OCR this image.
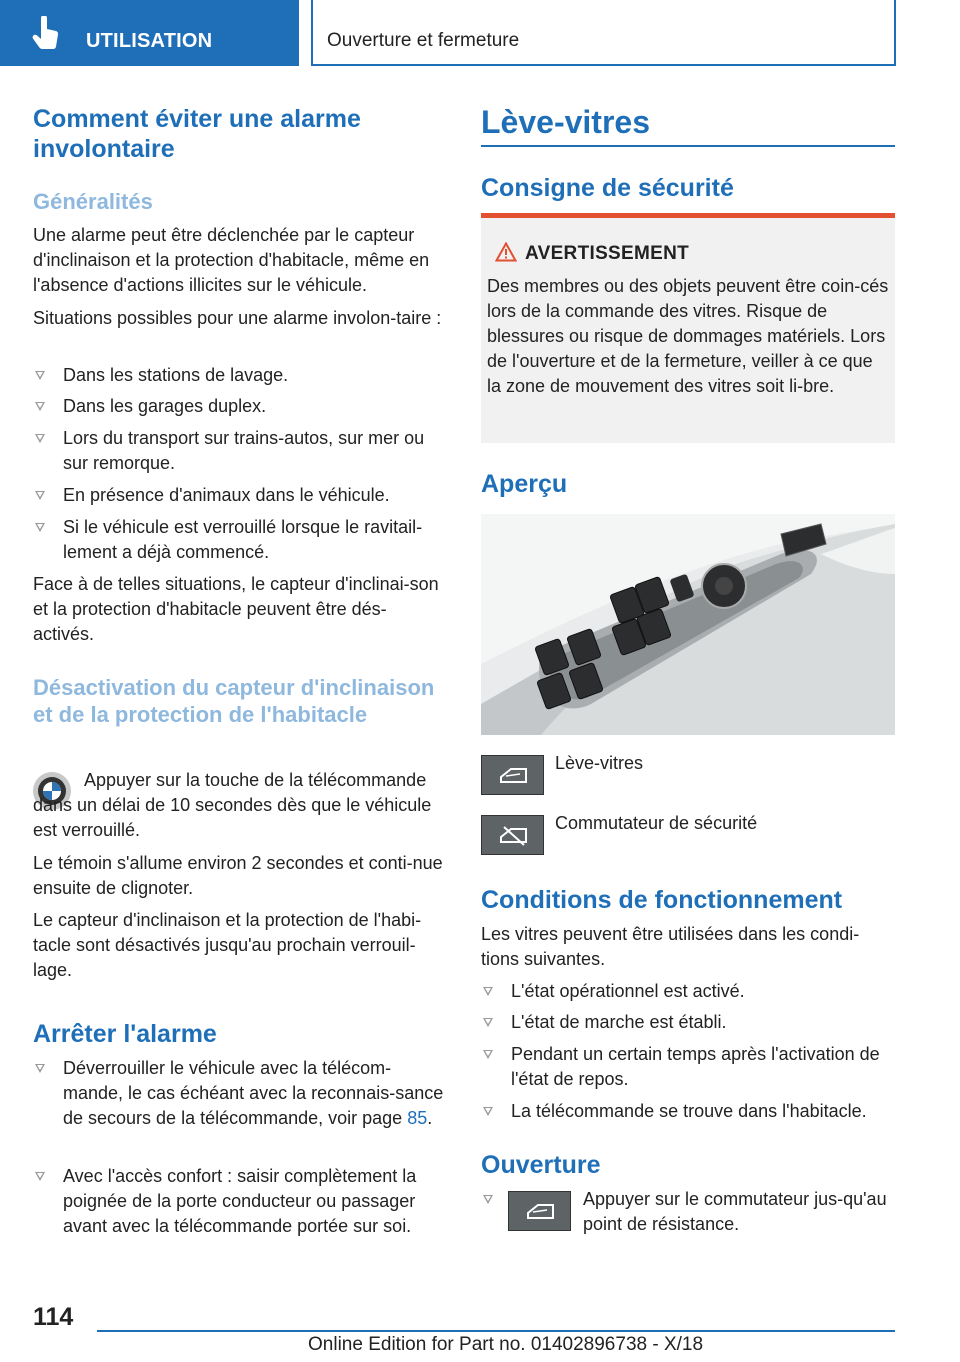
UTILISATION	Ouverture et fermeture
Comment éviter une alarme involontaire
Généralités
Une alarme peut être déclenchée par le capteur d'inclinaison et la protection d'habitacle, même en l'absence d'actions illicites sur le véhicule.
Situations possibles pour une alarme involon-taire :
Dans les stations de lavage.
Dans les garages duplex.
Lors du transport sur trains-autos, sur mer ou sur remorque.
En présence d'animaux dans le véhicule.
Si le véhicule est verrouillé lorsque le ravitail-lement a déjà commencé.
Face à de telles situations, le capteur d'inclinai-son et la protection d'habitacle peuvent être dés-activés.
Désactivation du capteur d'inclinaison et de la protection de l'habitacle
Appuyer sur la touche de la télécommande dans un délai de 10 secondes dès que le véhicule est verrouillé.
Le témoin s'allume environ 2 secondes et conti-nue ensuite de clignoter.
Le capteur d'inclinaison et la protection de l'habi-tacle sont désactivés jusqu'au prochain verrouil-lage.
Arrêter l'alarme
Déverrouiller le véhicule avec la télécom-mande, le cas échéant avec la reconnais-sance de secours de la télécommande, voir page 85.
Avec l'accès confort : saisir complètement la poignée de la porte conducteur ou passager avant avec la télécommande portée sur soi.
Lève-vitres
Consigne de sécurité
AVERTISSEMENT
Des membres ou des objets peuvent être coin-cés lors de la commande des vitres. Risque de blessures ou risque de dommages matériels. Lors de l'ouverture et de la fermeture, veiller à ce que la zone de mouvement des vitres soit li-bre.
Aperçu
Lève-vitres
Commutateur de sécurité
Conditions de fonctionnement
Les vitres peuvent être utilisées dans les condi-tions suivantes.
L'état opérationnel est activé.
L'état de marche est établi.
Pendant un certain temps après l'activation de l'état de repos.
La télécommande se trouve dans l'habitacle.
Ouverture
Appuyer sur le commutateur jus-qu'au point de résistance.
114
Online Edition for Part no. 01402896738 - X/18
